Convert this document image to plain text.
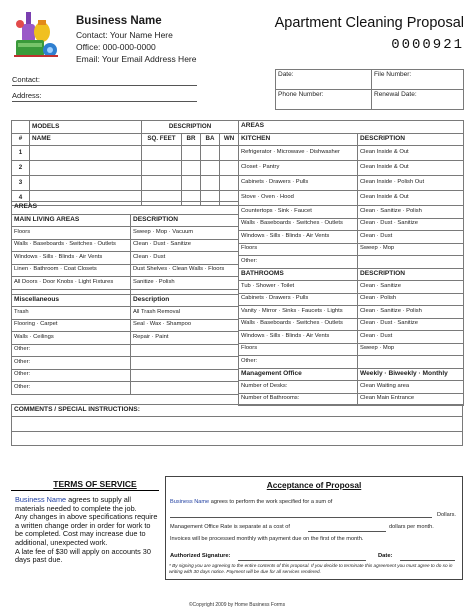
Business Name
Contact: Your Name Here
Office: 000-000-0000
Email: Your Email Address Here
Apartment Cleaning Proposal
0000921
Contact:
Address:
Date:	File Number:
Phone Number:	Renewal Date:
	MODELS	DESCRIPTION			
#	NAME	SQ. FEET	BR	BA	WN
1					
2					
3					
4					
AREAS	
MAIN LIVING AREAS	DESCRIPTION
Floors	Sweep · Mop · Vacuum
Walls · Baseboards · Switches · Outlets	Clean · Dust · Sanitize
Windows · Sills · Blinds · Air Vents	Clean · Dust
Linen · Bathroom · Coat Closets	Dust Shelves · Clean Walls · Floors
All Doors · Door Knobs · Light Fixtures	Sanitize · Polish

Miscellaneous	Description
Trash	All Trash Removal
Flooring · Carpet	Seal · Wax · Shampoo
Walls · Ceilings	Repair · Paint
Other:	
Other:	
Other:	
Other:	
AREAS	
KITCHEN	DESCRIPTION
Refrigerator · Microwave · Dishwasher	Clean Inside & Out
Closet · Pantry	Clean Inside & Out
Cabinets · Drawers · Pulls	Clean Inside · Polish Out
Stove · Oven · Hood	Clean Inside & Out
Countertops · Sink · Faucet	Clean · Sanitize · Polish
Walls · Baseboards · Switches · Outlets	Clean · Dust · Sanitize
Windows · Sills · Blinds · Air Vents	Clean · Dust
Floors	Sweep · Mop
Other:	
BATHROOMS	DESCRIPTION
Tub · Shower · Toilet	Clean · Sanitize
Cabinets · Drawers · Pulls	Clean · Polish
Vanity · Mirror · Sinks · Faucets · Lights	Clean · Sanitize · Polish
Walls · Baseboards · Switches · Outlets	Clean · Dust · Sanitize
Windows · Sills · Blinds · Air Vents	Clean · Dust
Floors	Sweep · Mop
Other:	
Management Office	Weekly · Biweekly · Monthly
Number of Desks:	Clean Waiting area
Number of Bathrooms:	Clean Main Entrance
COMMENTS / SPECIAL INSTRUCTIONS:

TERMS OF SERVICE
Business Name agrees to supply all materials needed to complete the job.
Any changes in above specifications require a written change order in order for work to be completed. Cost may increase due to additional, unexpected work.
A late fee of $30 will apply on accounts 30 days past due.
Acceptance of Proposal
Business Name agrees to perform the work specified for a sum of
Dollars.
Management Office Rate is separate at a cost of	dollars per month.
Invoices will be processed monthly with payment due on the first of the month.
Authorized Signature:	Date:
* By signing you are agreeing to the entire contents of this proposal. If you decide to terminate this agreement you must agree to do so in writing with 30 days notice. Payment will be due for all services rendered.
©Copyright 2009 by Home Business Forms
